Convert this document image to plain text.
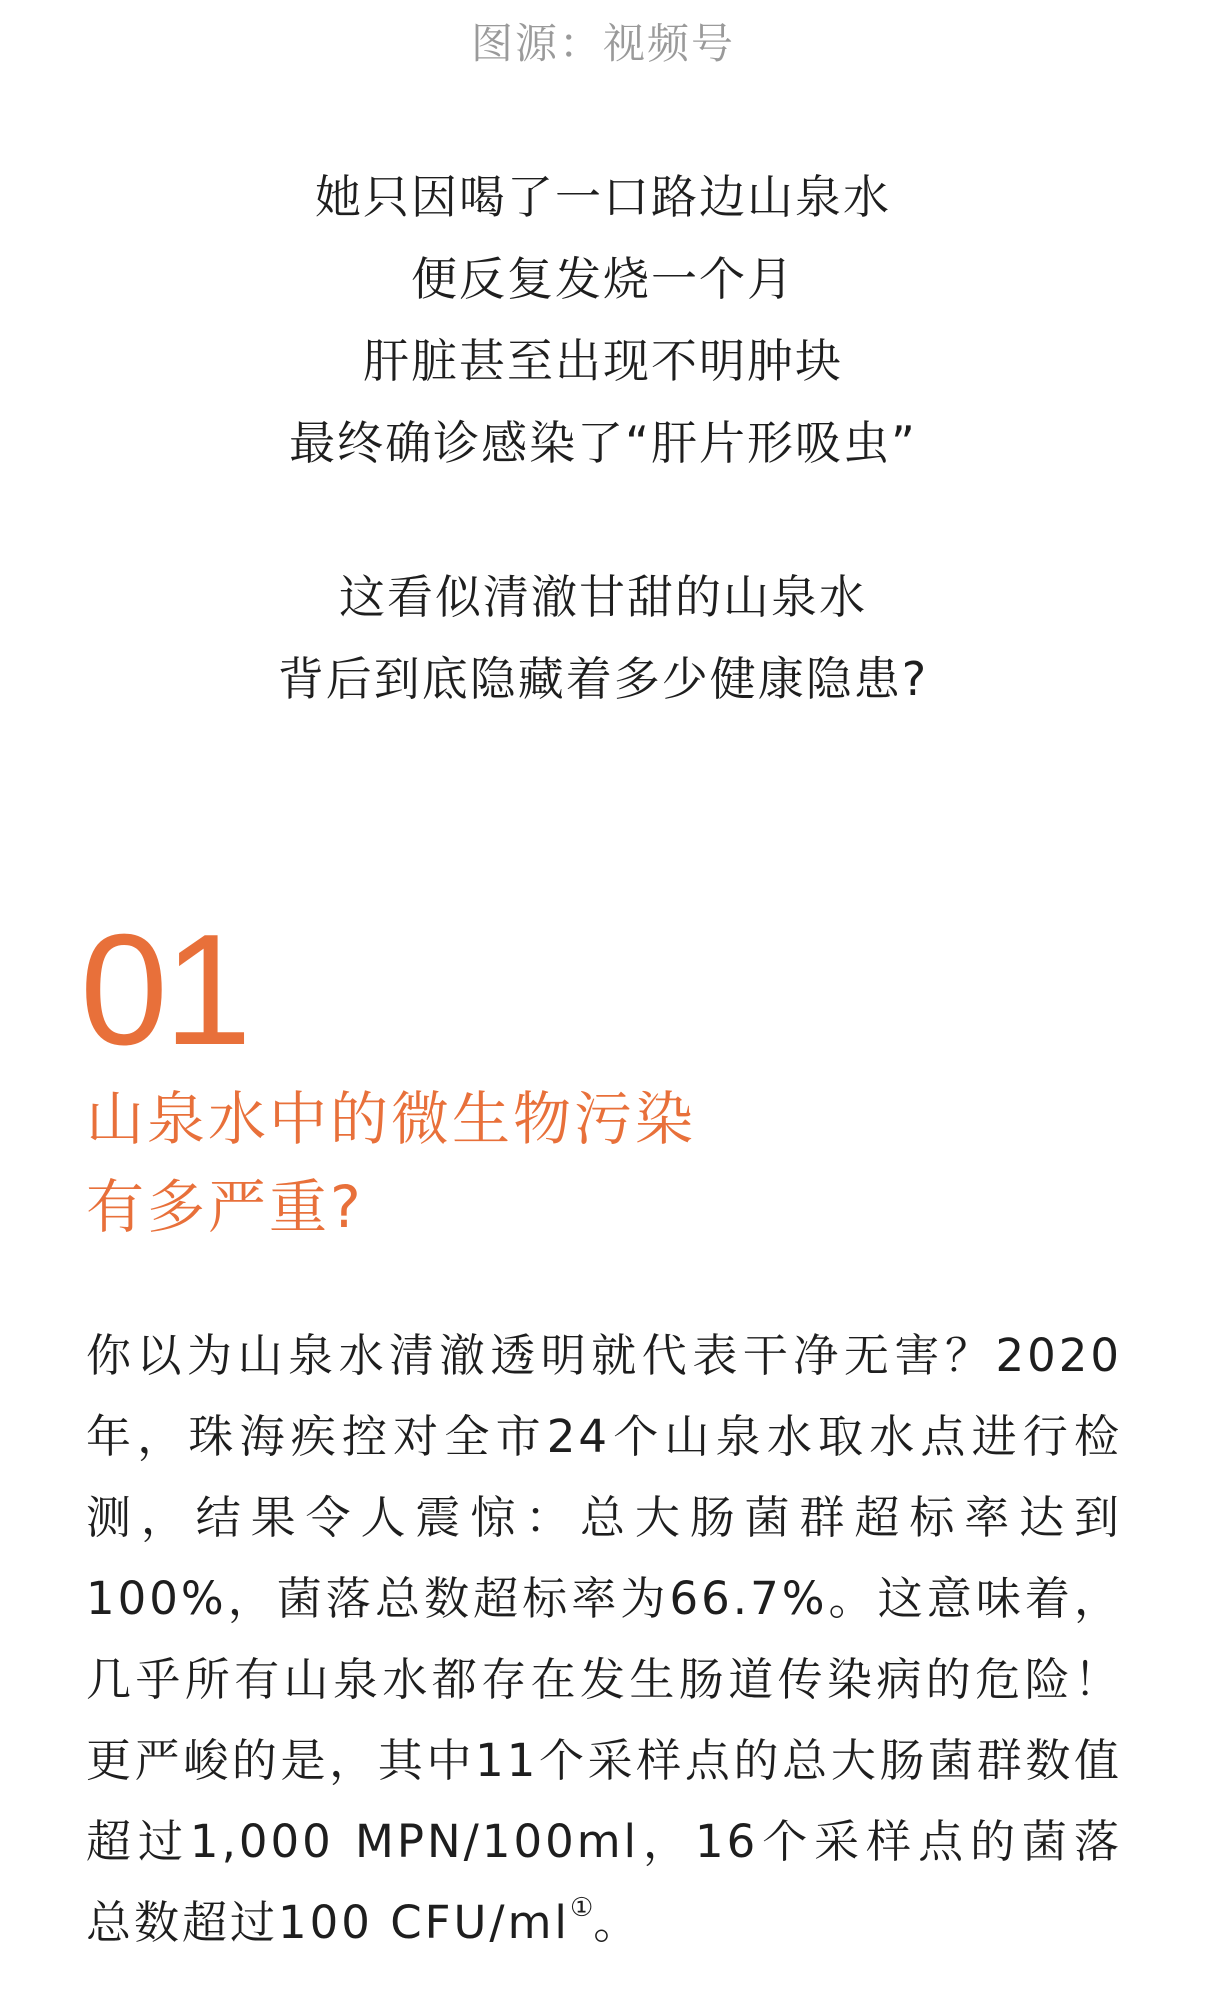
图源：视频号
她只因喝了一口路边山泉水
便反复发烧一个月
肝脏甚至出现不明肿块
最终确诊感染了“肝片形吸虫”
这看似清澈甘甜的山泉水
背后到底隐藏着多少健康隐患?
01
山泉水中的微生物污染
有多严重?
你以为山泉水清澈透明就代表干净无害？2020年，珠海疾控对全市24个山泉水取水点进行检测，结果令人震惊：总大肠菌群超标率达到100%，菌落总数超标率为66.7%。这意味着，几乎所有山泉水都存在发生肠道传染病的危险！更严峻的是，其中11个采样点的总大肠菌群数值超过1,000 MPN/100ml，16个采样点的菌落总数超过100 CFU/ml①。
